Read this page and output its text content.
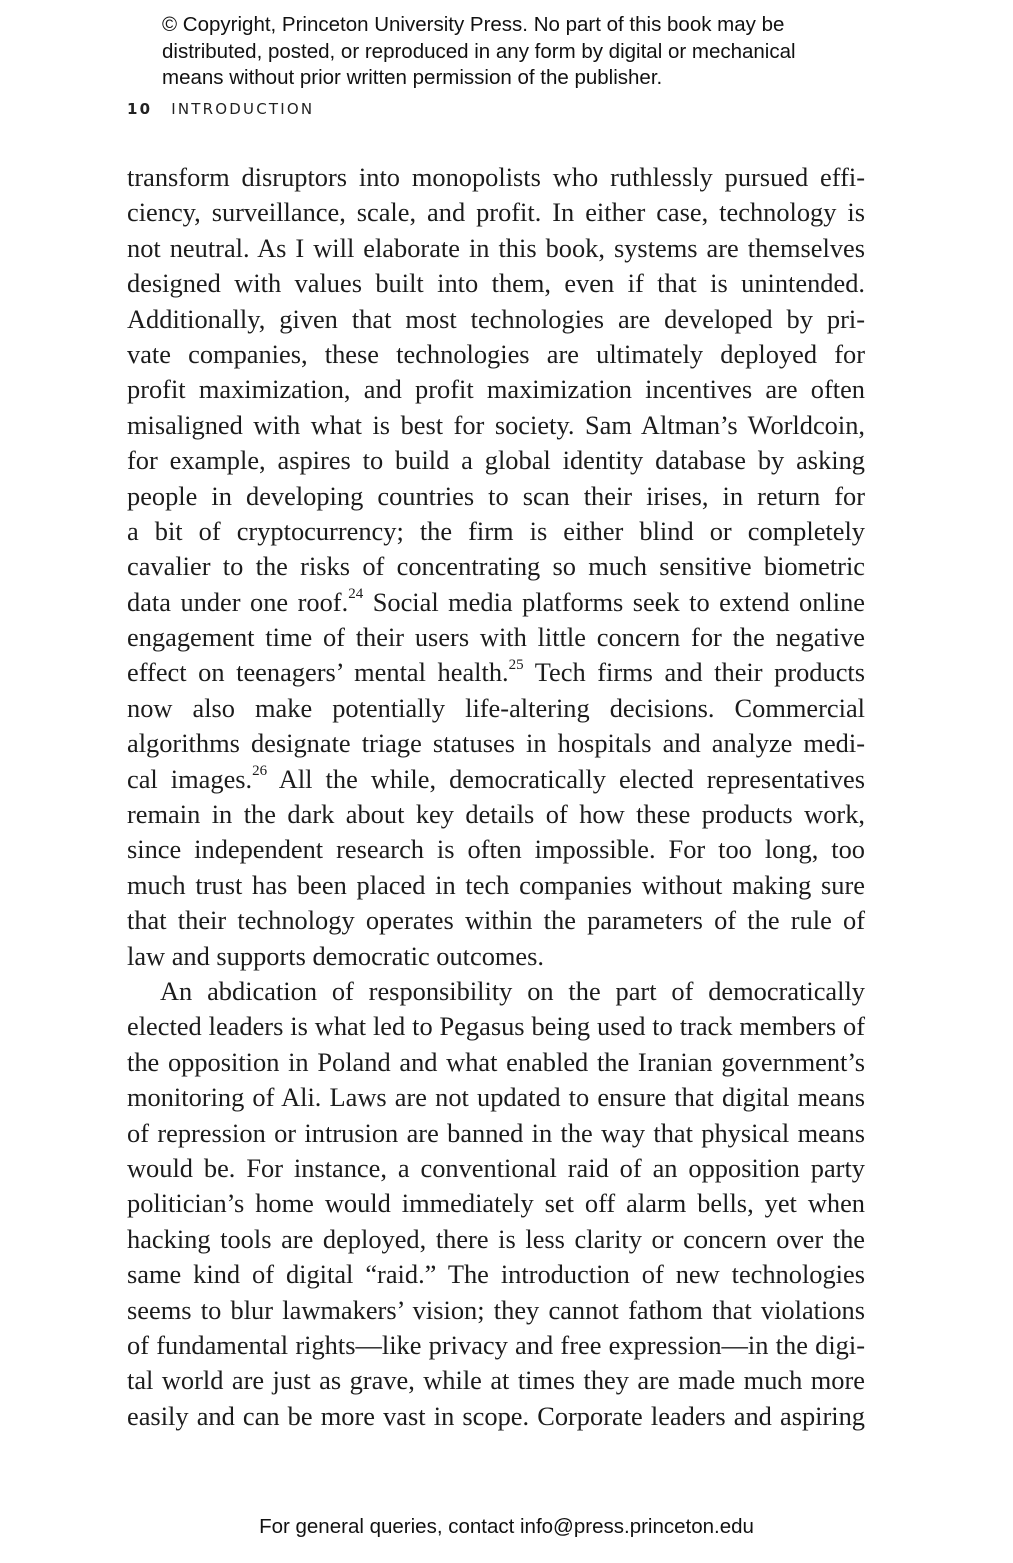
© Copyright, Princeton University Press. No part of this book may be
distributed, posted, or reproduced in any form by digital or mechanical
means without prior written permission of the publisher.
10 INTRODUCTION
transform disruptors into monopolists who ruthlessly pursued effi-
ciency, surveillance, scale, and profit. In either case, technology is
not neutral. As I will elaborate in this book, systems are themselves
designed with values built into them, even if that is unintended.
Additionally, given that most technologies are developed by pri-
vate companies, these technologies are ultimately deployed for
profit maximization, and profit maximization incentives are often
misaligned with what is best for society. Sam Altman’s Worldcoin,
for example, aspires to build a global identity database by asking
people in developing countries to scan their irises, in return for
a bit of cryptocurrency; the firm is either blind or completely
cavalier to the risks of concentrating so much sensitive biometric
data under one roof.$^{24}$ Social media platforms seek to extend online
engagement time of their users with little concern for the negative
effect on teenagers’ mental health.$^{25}$ Tech firms and their products
now also make potentially life-altering decisions. Commercial
algorithms designate triage statuses in hospitals and analyze medi-
cal images.$^{26}$ All the while, democratically elected representatives
remain in the dark about key details of how these products work,
since independent research is often impossible. For too long, too
much trust has been placed in tech companies without making sure
that their technology operates within the parameters of the rule of
law and supports democratic outcomes.
An abdication of responsibility on the part of democratically
elected leaders is what led to Pegasus being used to track members of
the opposition in Poland and what enabled the Iranian government’s
monitoring of Ali. Laws are not updated to ensure that digital means
of repression or intrusion are banned in the way that physical means
would be. For instance, a conventional raid of an opposition party
politician’s home would immediately set off alarm bells, yet when
hacking tools are deployed, there is less clarity or concern over the
same kind of digital “raid.” The introduction of new technologies
seems to blur lawmakers’ vision; they cannot fathom that violations
of fundamental rights—like privacy and free expression—in the digi-
tal world are just as grave, while at times they are made much more
easily and can be more vast in scope. Corporate leaders and aspiring
For general queries, contact info@press.princeton.edu
